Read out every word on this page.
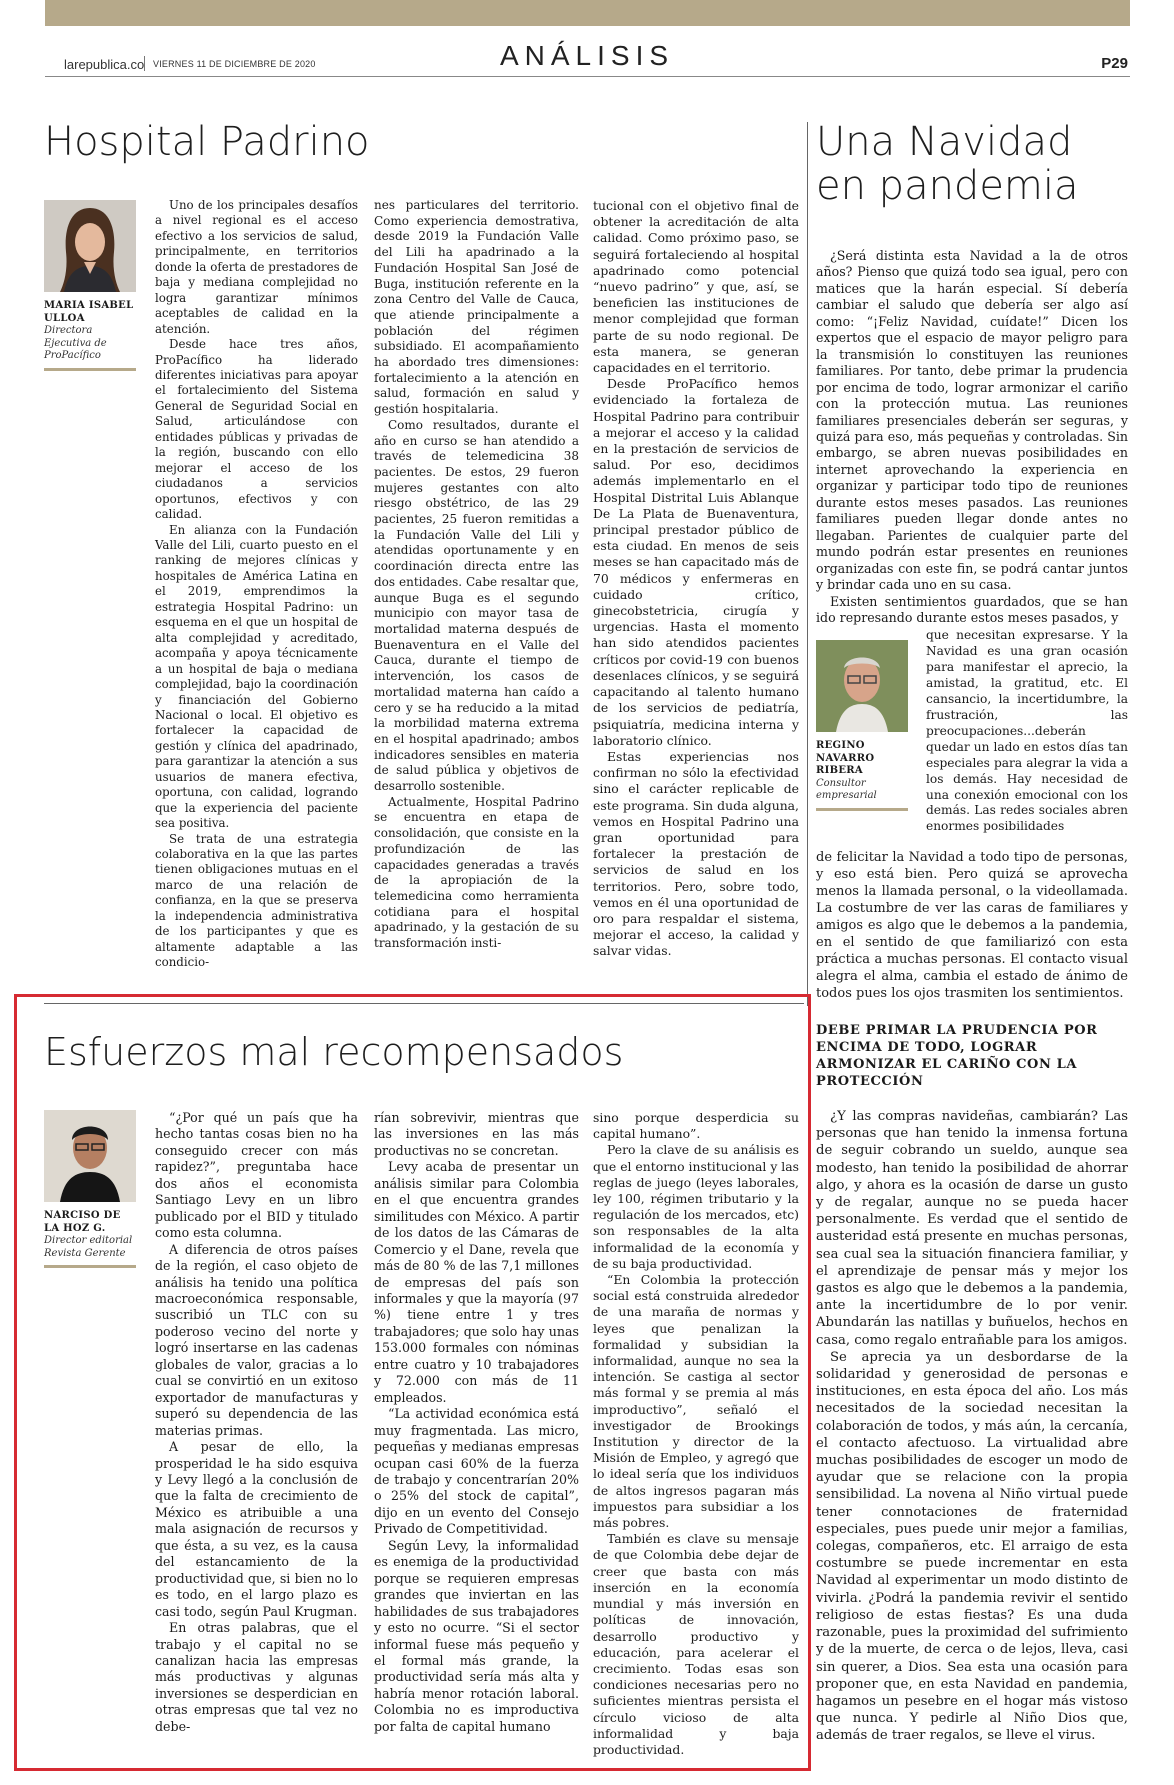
larepublica.co VIERNES 11 DE DICIEMBRE DE 2020	ANÁLISIS	P29
Hospital Padrino
MARIA ISABEL ULLOA
Directora Ejecutiva de ProPacífico

Uno de los principales desafíos a nivel regional es el acceso efectivo a los servicios de salud, principalmente, en territorios donde la oferta de prestadores de baja y mediana complejidad no logra garantizar mínimos aceptables de calidad en la atención.

Desde hace tres años, ProPacífico ha liderado diferentes iniciativas para apoyar el fortalecimiento del Sistema General de Seguridad Social en Salud, articulándose con entidades públicas y privadas de la región, buscando con ello mejorar el acceso de los ciudadanos a servicios oportunos, efectivos y con calidad.

En alianza con la Fundación Valle del Lili, cuarto puesto en el ranking de mejores clínicas y hospitales de América Latina en el 2019, emprendimos la estrategia Hospital Padrino: un esquema en el que un hospital de alta complejidad y acreditado, acompaña y apoya técnicamente a un hospital de baja o mediana complejidad, bajo la coordinación y financiación del Gobierno Nacional o local. El objetivo es fortalecer la capacidad de gestión y clínica del apadrinado, para garantizar la atención a sus usuarios de manera efectiva, oportuna, con calidad, logrando que la experiencia del paciente sea positiva.

Se trata de una estrategia colaborativa en la que las partes tienen obligaciones mutuas en el marco de una relación de confianza, en la que se preserva la independencia administrativa de los participantes y que es altamente adaptable a las condicio-

nes particulares del territorio. Como experiencia demostrativa, desde 2019 la Fundación Valle del Lili ha apadrinado a la Fundación Hospital San José de Buga, institución referente en la zona Centro del Valle de Cauca, que atiende principalmente a población del régimen subsidiado. El acompañamiento ha abordado tres dimensiones: fortalecimiento a la atención en salud, formación en salud y gestión hospitalaria.

Como resultados, durante el año en curso se han atendido a través de telemedicina 38 pacientes. De estos, 29 fueron mujeres gestantes con alto riesgo obstétrico, de las 29 pacientes, 25 fueron remitidas a la Fundación Valle del Lili y atendidas oportunamente y en coordinación directa entre las dos entidades. Cabe resaltar que, aunque Buga es el segundo municipio con mayor tasa de mortalidad materna después de Buenaventura en el Valle del Cauca, durante el tiempo de intervención, los casos de mortalidad materna han caído a cero y se ha reducido a la mitad la morbilidad materna extrema en el hospital apadrinado; ambos indicadores sensibles en materia de salud pública y objetivos de desarrollo sostenible.

Actualmente, Hospital Padrino se encuentra en etapa de consolidación, que consiste en la profundización de las capacidades generadas a través de la apropiación de la telemedicina como herramienta cotidiana para el hospital apadrinado, y la gestación de su transformación insti-

tucional con el objetivo final de obtener la acreditación de alta calidad. Como próximo paso, se seguirá fortaleciendo al hospital apadrinado como potencial “nuevo padrino” y que, así, se beneficien las instituciones de menor complejidad que forman parte de su nodo regional. De esta manera, se generan capacidades en el territorio.

Desde ProPacífico hemos evidenciado la fortaleza de Hospital Padrino para contribuir a mejorar el acceso y la calidad en la prestación de servicios de salud. Por eso, decidimos además implementarlo en el Hospital Distrital Luis Ablanque De La Plata de Buenaventura, principal prestador público de esta ciudad. En menos de seis meses se han capacitado más de 70 médicos y enfermeras en cuidado crítico, ginecobstetricia, cirugía y urgencias. Hasta el momento han sido atendidos pacientes críticos por covid-19 con buenos desenlaces clínicos, y se seguirá capacitando al talento humano de los servicios de pediatría, psiquiatría, medicina interna y laboratorio clínico.

Estas experiencias nos confirman no sólo la efectividad sino el carácter replicable de este programa. Sin duda alguna, vemos en Hospital Padrino una gran oportunidad para fortalecer la prestación de servicios de salud en los territorios. Pero, sobre todo, vemos en él una oportunidad de oro para respaldar el sistema, mejorar el acceso, la calidad y salvar vidas.

Una Navidad en pandemia

¿Será distinta esta Navidad a la de otros años? Pienso que quizá todo sea igual, pero con matices que la harán especial. Sí debería cambiar el saludo que debería ser algo así como: “¡Feliz Navidad, cuídate!” Dicen los expertos que el espacio de mayor peligro para la transmisión lo constituyen las reuniones familiares. Por tanto, debe primar la prudencia por encima de todo, lograr armonizar el cariño con la protección mutua. Las reuniones familiares presenciales deberán ser seguras, y quizá para eso, más pequeñas y controladas. Sin embargo, se abren nuevas posibilidades en internet aprovechando la experiencia en organizar y participar todo tipo de reuniones durante estos meses pasados. Las reuniones familiares pueden llegar donde antes no llegaban. Parientes de cualquier parte del mundo podrán estar presentes en reuniones organizadas con este fin, se podrá cantar juntos y brindar cada uno en su casa.

Existen sentimientos guardados, que se han ido represando durante estos meses pasados, y

REGINO NAVARRO RIBERA
Consultor empresarial

que necesitan expresarse. Y la Navidad es una gran ocasión para manifestar el aprecio, la amistad, la gratitud, etc. El cansancio, la incertidumbre, la frustración, las preocupaciones...deberán quedar un lado en estos días tan especiales para alegrar la vida a los demás. Hay necesidad de una conexión emocional con los demás. Las redes sociales abren enormes posibilidades

de felicitar la Navidad a todo tipo de personas, y eso está bien. Pero quizá se aprovecha menos la llamada personal, o la videollamada. La costumbre de ver las caras de familiares y amigos es algo que le debemos a la pandemia, en el sentido de que familiarizó con esta práctica a muchas personas. El contacto visual alegra el alma, cambia el estado de ánimo de todos pues los ojos trasmiten los sentimientos.

DEBE PRIMAR LA PRUDENCIA POR ENCIMA DE TODO, LOGRAR ARMONIZAR EL CARIÑO CON LA PROTECCIÓN

¿Y las compras navideñas, cambiarán? Las personas que han tenido la inmensa fortuna de seguir cobrando un sueldo, aunque sea modesto, han tenido la posibilidad de ahorrar algo, y ahora es la ocasión de darse un gusto y de regalar, aunque no se pueda hacer personalmente. Es verdad que el sentido de austeridad está presente en muchas personas, sea cual sea la situación financiera familiar, y el aprendizaje de pensar más y mejor los gastos es algo que le debemos a la pandemia, ante la incertidumbre de lo por venir. Abundarán las natillas y buñuelos, hechos en casa, como regalo entrañable para los amigos.

Se aprecia ya un desbordarse de la solidaridad y generosidad de personas e instituciones, en esta época del año. Los más necesitados de la sociedad necesitan la colaboración de todos, y más aún, la cercanía, el contacto afectuoso. La virtualidad abre muchas posibilidades de escoger un modo de ayudar que se relacione con la propia sensibilidad. La novena al Niño virtual puede tener connotaciones de fraternidad especiales, pues puede unir mejor a familias, colegas, compañeros, etc. El arraigo de esta costumbre se puede incrementar en esta Navidad al experimentar un modo distinto de vivirla. ¿Podrá la pandemia revivir el sentido religioso de estas fiestas? Es una duda razonable, pues la proximidad del sufrimiento y de la muerte, de cerca o de lejos, lleva, casi sin querer, a Dios. Sea esta una ocasión para proponer que, en esta Navidad en pandemia, hagamos un pesebre en el hogar más vistoso que nunca. Y pedirle al Niño Dios que, además de traer regalos, se lleve el virus.

Esfuerzos mal recompensados
NARCISO DE LA HOZ G.
Director editorial Revista Gerente

“¿Por qué un país que ha hecho tantas cosas bien no ha conseguido crecer con más rapidez?”, preguntaba hace dos años el economista Santiago Levy en un libro publicado por el BID y titulado como esta columna.

A diferencia de otros países de la región, el caso objeto de análisis ha tenido una política macroeconómica responsable, suscribió un TLC con su poderoso vecino del norte y logró insertarse en las cadenas globales de valor, gracias a lo cual se convirtió en un exitoso exportador de manufacturas y superó su dependencia de las materias primas.

A pesar de ello, la prosperidad le ha sido esquiva y Levy llegó a la conclusión de que la falta de crecimiento de México es atribuible a una mala asignación de recursos y que ésta, a su vez, es la causa del estancamiento de la productividad que, si bien no lo es todo, en el largo plazo es casi todo, según Paul Krugman.

En otras palabras, que el trabajo y el capital no se canalizan hacia las empresas más productivas y algunas inversiones se desperdician en otras empresas que tal vez no debe-

rían sobrevivir, mientras que las inversiones en las más productivas no se concretan.

Levy acaba de presentar un análisis similar para Colombia en el que encuentra grandes similitudes con México. A partir de los datos de las Cámaras de Comercio y el Dane, revela que más de 80 % de las 7,1 millones de empresas del país son informales y que la mayoría (97 %) tiene entre 1 y tres trabajadores; que solo hay unas 153.000 formales con nóminas entre cuatro y 10 trabajadores y 72.000 con más de 11 empleados.

“La actividad económica está muy fragmentada. Las micro, pequeñas y medianas empresas ocupan casi 60% de la fuerza de trabajo y concentrarían 20% o 25% del stock de capital”, dijo en un evento del Consejo Privado de Competitividad.

Según Levy, la informalidad es enemiga de la productividad porque se requieren empresas grandes que inviertan en las habilidades de sus trabajadores y esto no ocurre. “Si el sector informal fuese más pequeño y el formal más grande, la productividad sería más alta y habría menor rotación laboral. Colombia no es improductiva por falta de capital humano

sino porque desperdicia su capital humano”.

Pero la clave de su análisis es que el entorno institucional y las reglas de juego (leyes laborales, ley 100, régimen tributario y la regulación de los mercados, etc) son responsables de la alta informalidad de la economía y de su baja productividad.

“En Colombia la protección social está construida alrededor de una maraña de normas y leyes que penalizan la formalidad y subsidian la informalidad, aunque no sea la intención. Se castiga al sector más formal y se premia al más improductivo”, señaló el investigador de Brookings Institution y director de la Misión de Empleo, y agregó que lo ideal sería que los individuos de altos ingresos pagaran más impuestos para subsidiar a los más pobres.

También es clave su mensaje de que Colombia debe dejar de creer que basta con más inserción en la economía mundial y más inversión en políticas de innovación, desarrollo productivo y educación, para acelerar el crecimiento. Todas esas son condiciones necesarias pero no suficientes mientras persista el círculo vicioso de alta informalidad y baja productividad.
